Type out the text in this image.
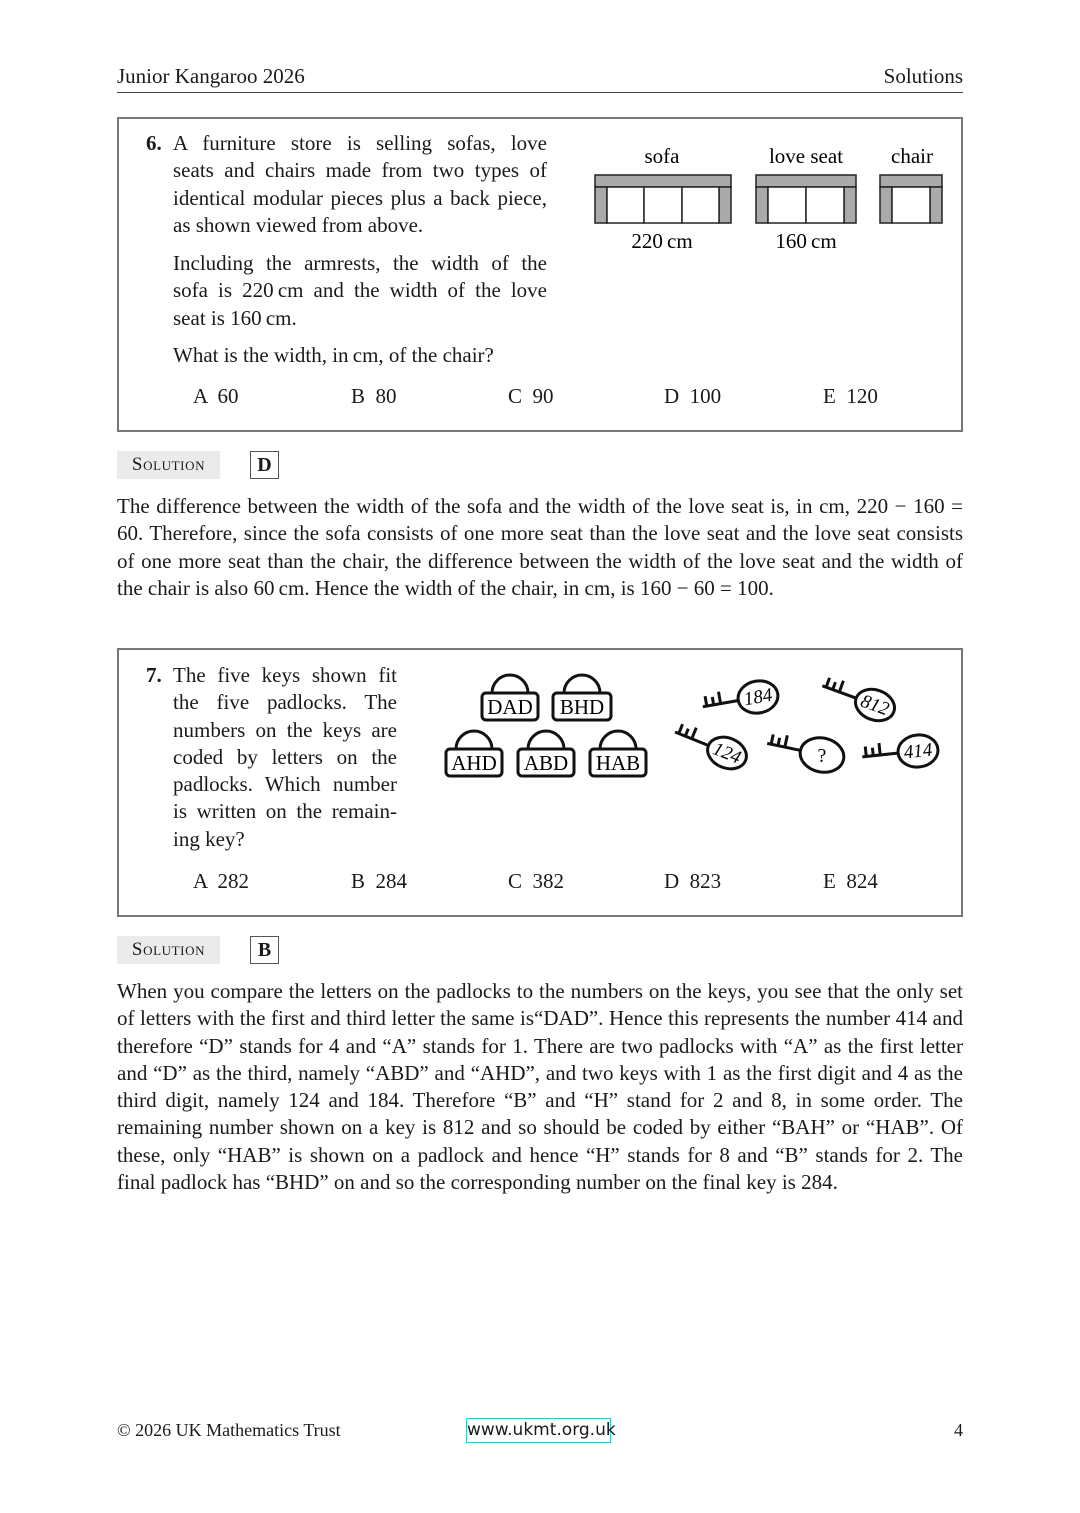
Junior Kangaroo 2026	Solutions
6. A furniture store is selling sofas, love
seats and chairs made from two types of
identical modular pieces plus a back piece,
as shown viewed from above.
Including the armrests, the width of the
sofa is 220 cm and the width of the love
seat is 160 cm.
What is the width, in cm, of the chair?
sofa	love seat chair
220 cm	160 cm
A  60	B  80	C  90	D  100	E  120
Solution	D
The difference between the width of the sofa and the width of the love seat is, in cm, 220 − 160 = 60. Therefore, since the sofa consists of one more seat than the love seat and the love seat consists of one more seat than the chair, the difference between the width of the love seat and the width of the chair is also 60 cm. Hence the width of the chair, in cm, is 160 − 60 = 100.
7. The five keys shown fit
the five padlocks. The
numbers on the keys are
coded by letters on the
padlocks. Which number
is written on the remain-
ing key?
DAD BHD
AHD ABD HAB
184	812
124	?	414
A  282	B  284	C  382	D  823	E  824
Solution	B
When you compare the letters on the padlocks to the numbers on the keys, you see that the only set of letters with the first and third letter the same is“DAD”. Hence this represents the number 414 and therefore “D” stands for 4 and “A” stands for 1. There are two padlocks with “A” as the first letter and “D” as the third, namely “ABD” and “AHD”, and two keys with 1 as the first digit and 4 as the third digit, namely 124 and 184. Therefore “B” and “H” stand for 2 and 8, in some order. The remaining number shown on a key is 812 and so should be coded by either “BAH” or “HAB”. Of these, only “HAB” is shown on a padlock and hence “H” stands for 8 and “B” stands for 2. The final padlock has “BHD” on and so the corresponding number on the final key is 284.
© 2026 UK Mathematics Trust	www.ukmt.org.uk	4
